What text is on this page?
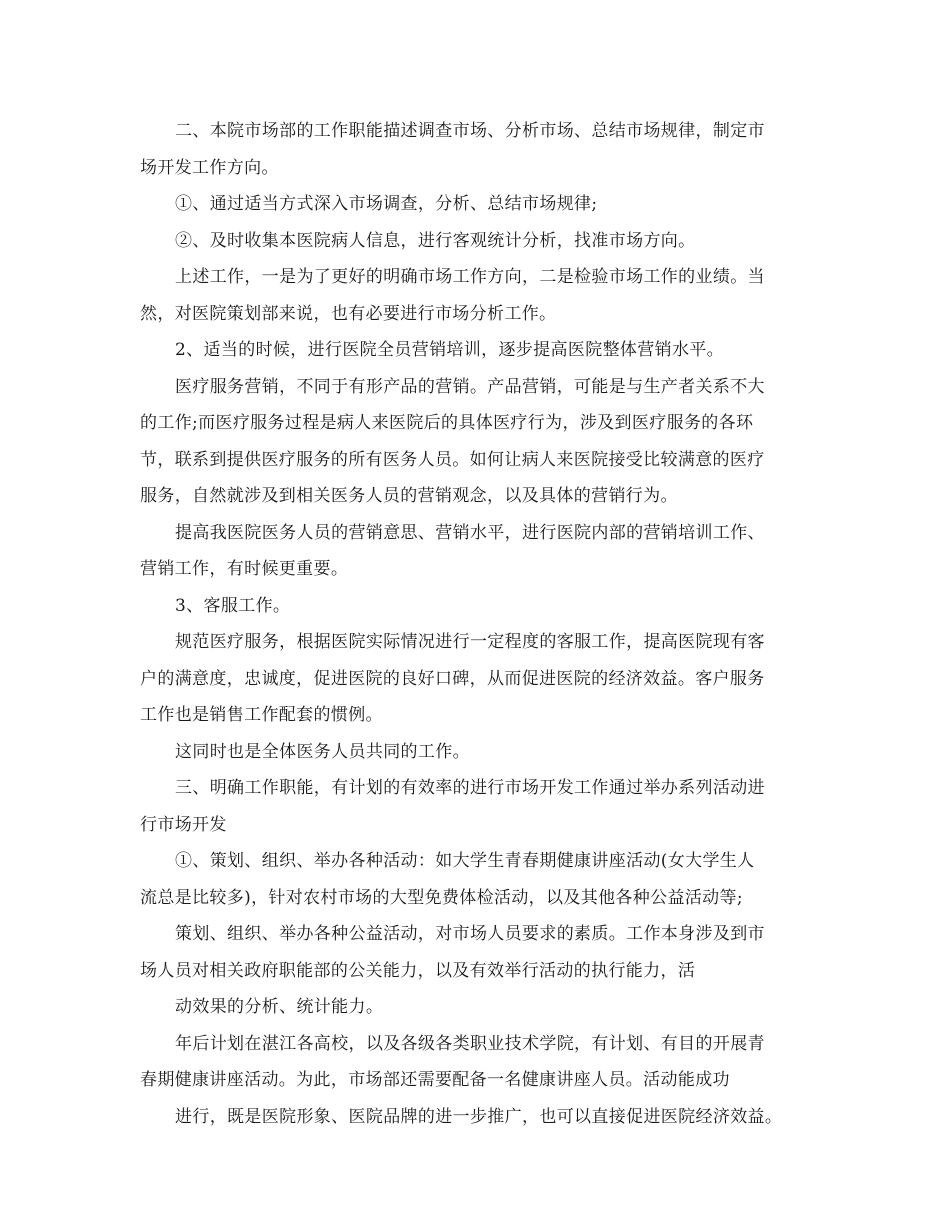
二、本院市场部的工作职能描述调查市场、分析市场、总结市场规律，制定市
场开发工作方向。
①、通过适当方式深入市场调查，分析、总结市场规律;
②、及时收集本医院病人信息，进行客观统计分析，找准市场方向。
上述工作，一是为了更好的明确市场工作方向，二是检验市场工作的业绩。当
然，对医院策划部来说，也有必要进行市场分析工作。
2、适当的时候，进行医院全员营销培训，逐步提高医院整体营销水平。
医疗服务营销，不同于有形产品的营销。产品营销，可能是与生产者关系不大
的工作;而医疗服务过程是病人来医院后的具体医疗行为，涉及到医疗服务的各环
节，联系到提供医疗服务的所有医务人员。如何让病人来医院接受比较满意的医疗
服务，自然就涉及到相关医务人员的营销观念，以及具体的营销行为。
提高我医院医务人员的营销意思、营销水平，进行医院内部的营销培训工作、
营销工作，有时候更重要。
3、客服工作。
规范医疗服务，根据医院实际情况进行一定程度的客服工作，提高医院现有客
户的满意度，忠诚度，促进医院的良好口碑，从而促进医院的经济效益。客户服务
工作也是销售工作配套的惯例。
这同时也是全体医务人员共同的工作。
三、明确工作职能，有计划的有效率的进行市场开发工作通过举办系列活动进
行市场开发
①、策划、组织、举办各种活动：如大学生青春期健康讲座活动(女大学生人
流总是比较多)，针对农村市场的大型免费体检活动，以及其他各种公益活动等;
策划、组织、举办各种公益活动，对市场人员要求的素质。工作本身涉及到市
场人员对相关政府职能部的公关能力，以及有效举行活动的执行能力，活
动效果的分析、统计能力。
年后计划在湛江各高校，以及各级各类职业技术学院，有计划、有目的开展青
春期健康讲座活动。为此，市场部还需要配备一名健康讲座人员。活动能成功
进行，既是医院形象、医院品牌的进一步推广，也可以直接促进医院经济效益。
